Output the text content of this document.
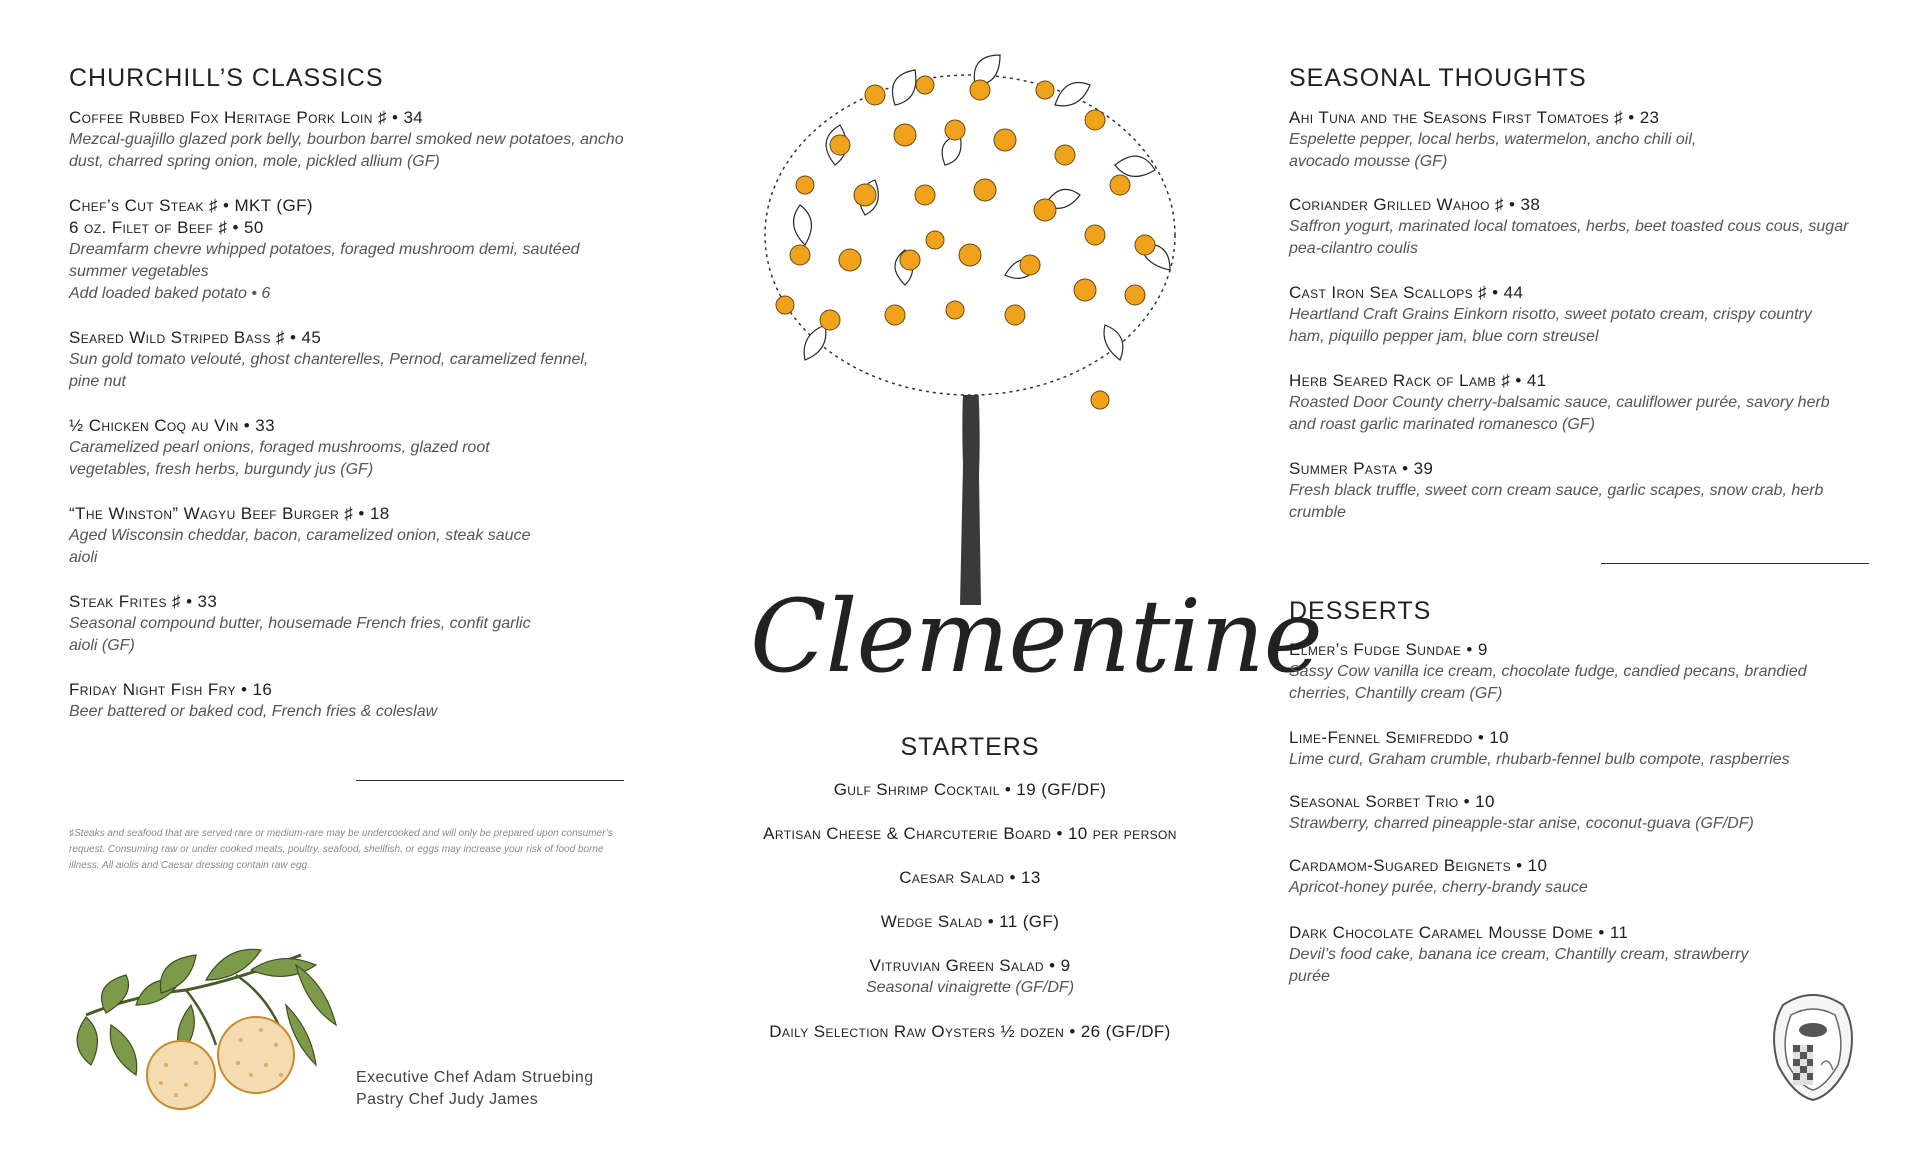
CHURCHILL’S CLASSICS
Coffee Rubbed Fox Heritage Pork Loin ♯ • 34
Mezcal-guajillo glazed pork belly, bourbon barrel smoked new potatoes, ancho dust, charred spring onion, mole, pickled allium (GF)
Chef’s Cut Steak ♯ • MKT (GF)
6 oz. Filet of Beef ♯ • 50
Dreamfarm chevre whipped potatoes, foraged mushroom demi, sautéed summer vegetables
Add loaded baked potato • 6
Seared Wild Striped Bass ♯ • 45
Sun gold tomato velouté, ghost chanterelles, Pernod, caramelized fennel, pine nut
½ Chicken Coq au Vin • 33
Caramelized pearl onions, foraged mushrooms, glazed root vegetables, fresh herbs, burgundy jus (GF)
“The Winston” Wagyu Beef Burger ♯ • 18
Aged Wisconsin cheddar, bacon, caramelized onion, steak sauce aioli
Steak Frites ♯ • 33
Seasonal compound butter, housemade French fries, confit garlic aioli (GF)
Friday Night Fish Fry • 16
Beer battered or baked cod, French fries & coleslaw
♯Steaks and seafood that are served rare or medium-rare may be undercooked and will only be prepared upon consumer’s request. Consuming raw or under cooked meats, poultry, seafood, shellfish, or eggs may increase your risk of food borne illness. All aiolis and Caesar dressing contain raw egg.
Executive Chef Adam Struebing
Pastry Chef Judy James
Clementine
STARTERS
Gulf Shrimp Cocktail • 19 (GF/DF)
Artisan Cheese & Charcuterie Board • 10 per person
Caesar Salad • 13
Wedge Salad • 11 (GF)
Vitruvian Green Salad • 9
Seasonal vinaigrette (GF/DF)
Daily Selection Raw Oysters ½ dozen • 26 (GF/DF)
SEASONAL THOUGHTS
Ahi Tuna and the Seasons First Tomatoes ♯ • 23
Espelette pepper, local herbs, watermelon, ancho chili oil, avocado mousse (GF)
Coriander Grilled Wahoo ♯ • 38
Saffron yogurt, marinated local tomatoes, herbs, beet toasted cous cous, sugar pea-cilantro coulis
Cast Iron Sea Scallops ♯ • 44
Heartland Craft Grains Einkorn risotto, sweet potato cream, crispy country ham, piquillo pepper jam, blue corn streusel
Herb Seared Rack of Lamb ♯ • 41
Roasted Door County cherry-balsamic sauce, cauliflower purée, savory herb and roast garlic marinated romanesco (GF)
Summer Pasta • 39
Fresh black truffle, sweet corn cream sauce, garlic scapes, snow crab, herb crumble
DESSERTS
Elmer’s Fudge Sundae • 9
Sassy Cow vanilla ice cream, chocolate fudge, candied pecans, brandied cherries, Chantilly cream (GF)
Lime-Fennel Semifreddo • 10
Lime curd, Graham crumble, rhubarb-fennel bulb compote, raspberries
Seasonal Sorbet Trio • 10
Strawberry, charred pineapple-star anise, coconut-guava (GF/DF)
Cardamom-Sugared Beignets • 10
Apricot-honey purée, cherry-brandy sauce
Dark Chocolate Caramel Mousse Dome • 11
Devil’s food cake, banana ice cream, Chantilly cream, strawberry purée
